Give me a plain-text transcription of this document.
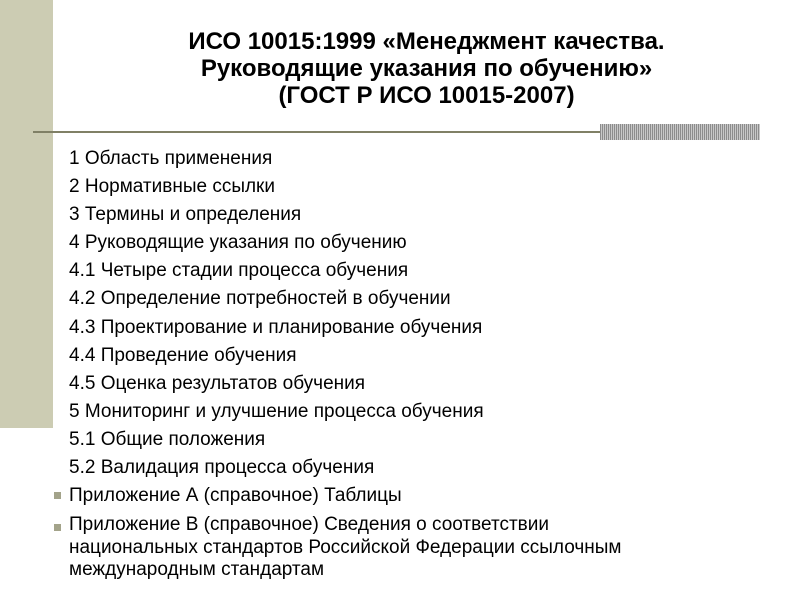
ИСО 10015:1999 «Менеджмент качества.
Руководящие указания по обучению»
(ГОСТ Р ИСО 10015-2007)
1 Область применения
2 Нормативные ссылки
3 Термины и определения
4 Руководящие указания по обучению
4.1 Четыре стадии процесса обучения
4.2 Определение потребностей в обучении
4.3 Проектирование и планирование обучения
4.4 Проведение обучения
4.5 Оценка результатов обучения
5 Мониторинг и улучшение процесса обучения
5.1 Общие положения
5.2 Валидация процесса обучения
Приложение А (справочное) Таблицы
Приложение В (справочное) Сведения о соответствии
национальных стандартов Российской Федерации ссылочным
международным стандартам
